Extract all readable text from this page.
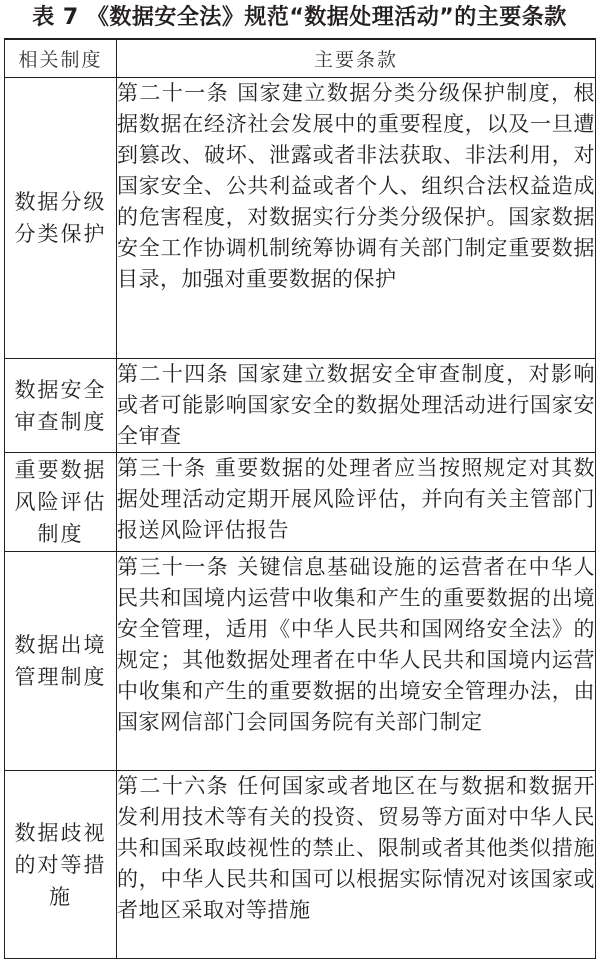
表 7 《数据安全法》规范“数据处理活动”的主要条款
相关制度	主要条款
数据分级分类保护	第二十一条 国家建立数据分类分级保护制度，根据数据在经济社会发展中的重要程度，以及一旦遭到篡改、破坏、泄露或者非法获取、非法利用，对国家安全、公共利益或者个人、组织合法权益造成的危害程度，对数据实行分类分级保护。国家数据安全工作协调机制统筹协调有关部门制定重要数据目录，加强对重要数据的保护
数据安全审查制度	第二十四条 国家建立数据安全审查制度，对影响或者可能影响国家安全的数据处理活动进行国家安全审查
重要数据风险评估制度	第三十条 重要数据的处理者应当按照规定对其数据处理活动定期开展风险评估，并向有关主管部门报送风险评估报告
数据出境管理制度	第三十一条 关键信息基础设施的运营者在中华人民共和国境内运营中收集和产生的重要数据的出境安全管理，适用《中华人民共和国网络安全法》的规定；其他数据处理者在中华人民共和国境内运营中收集和产生的重要数据的出境安全管理办法，由国家网信部门会同国务院有关部门制定
数据歧视的对等措施	第二十六条 任何国家或者地区在与数据和数据开发利用技术等有关的投资、贸易等方面对中华人民共和国采取歧视性的禁止、限制或者其他类似措施的，中华人民共和国可以根据实际情况对该国家或者地区采取对等措施
